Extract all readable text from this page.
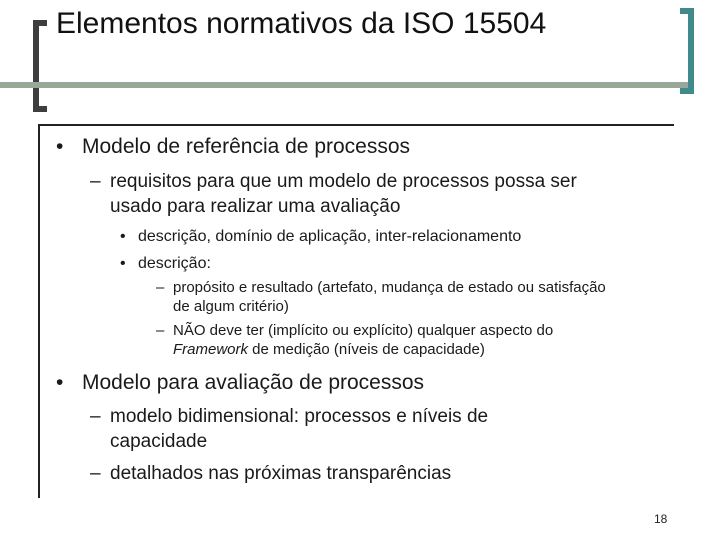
Elementos normativos da ISO 15504
• Modelo de referência de processos
– requisitos para que um modelo de processos possa ser
usado para realizar uma avaliação
• descrição, domínio de aplicação, inter-relacionamento
• descrição:
– propósito e resultado (artefato, mudança de estado ou satisfação
de algum critério)
– NÃO deve ter (implícito ou explícito) qualquer aspecto do
Framework de medição (níveis de capacidade)
• Modelo para avaliação de processos
– modelo bidimensional: processos e níveis de
capacidade
– detalhados nas próximas transparências
18
